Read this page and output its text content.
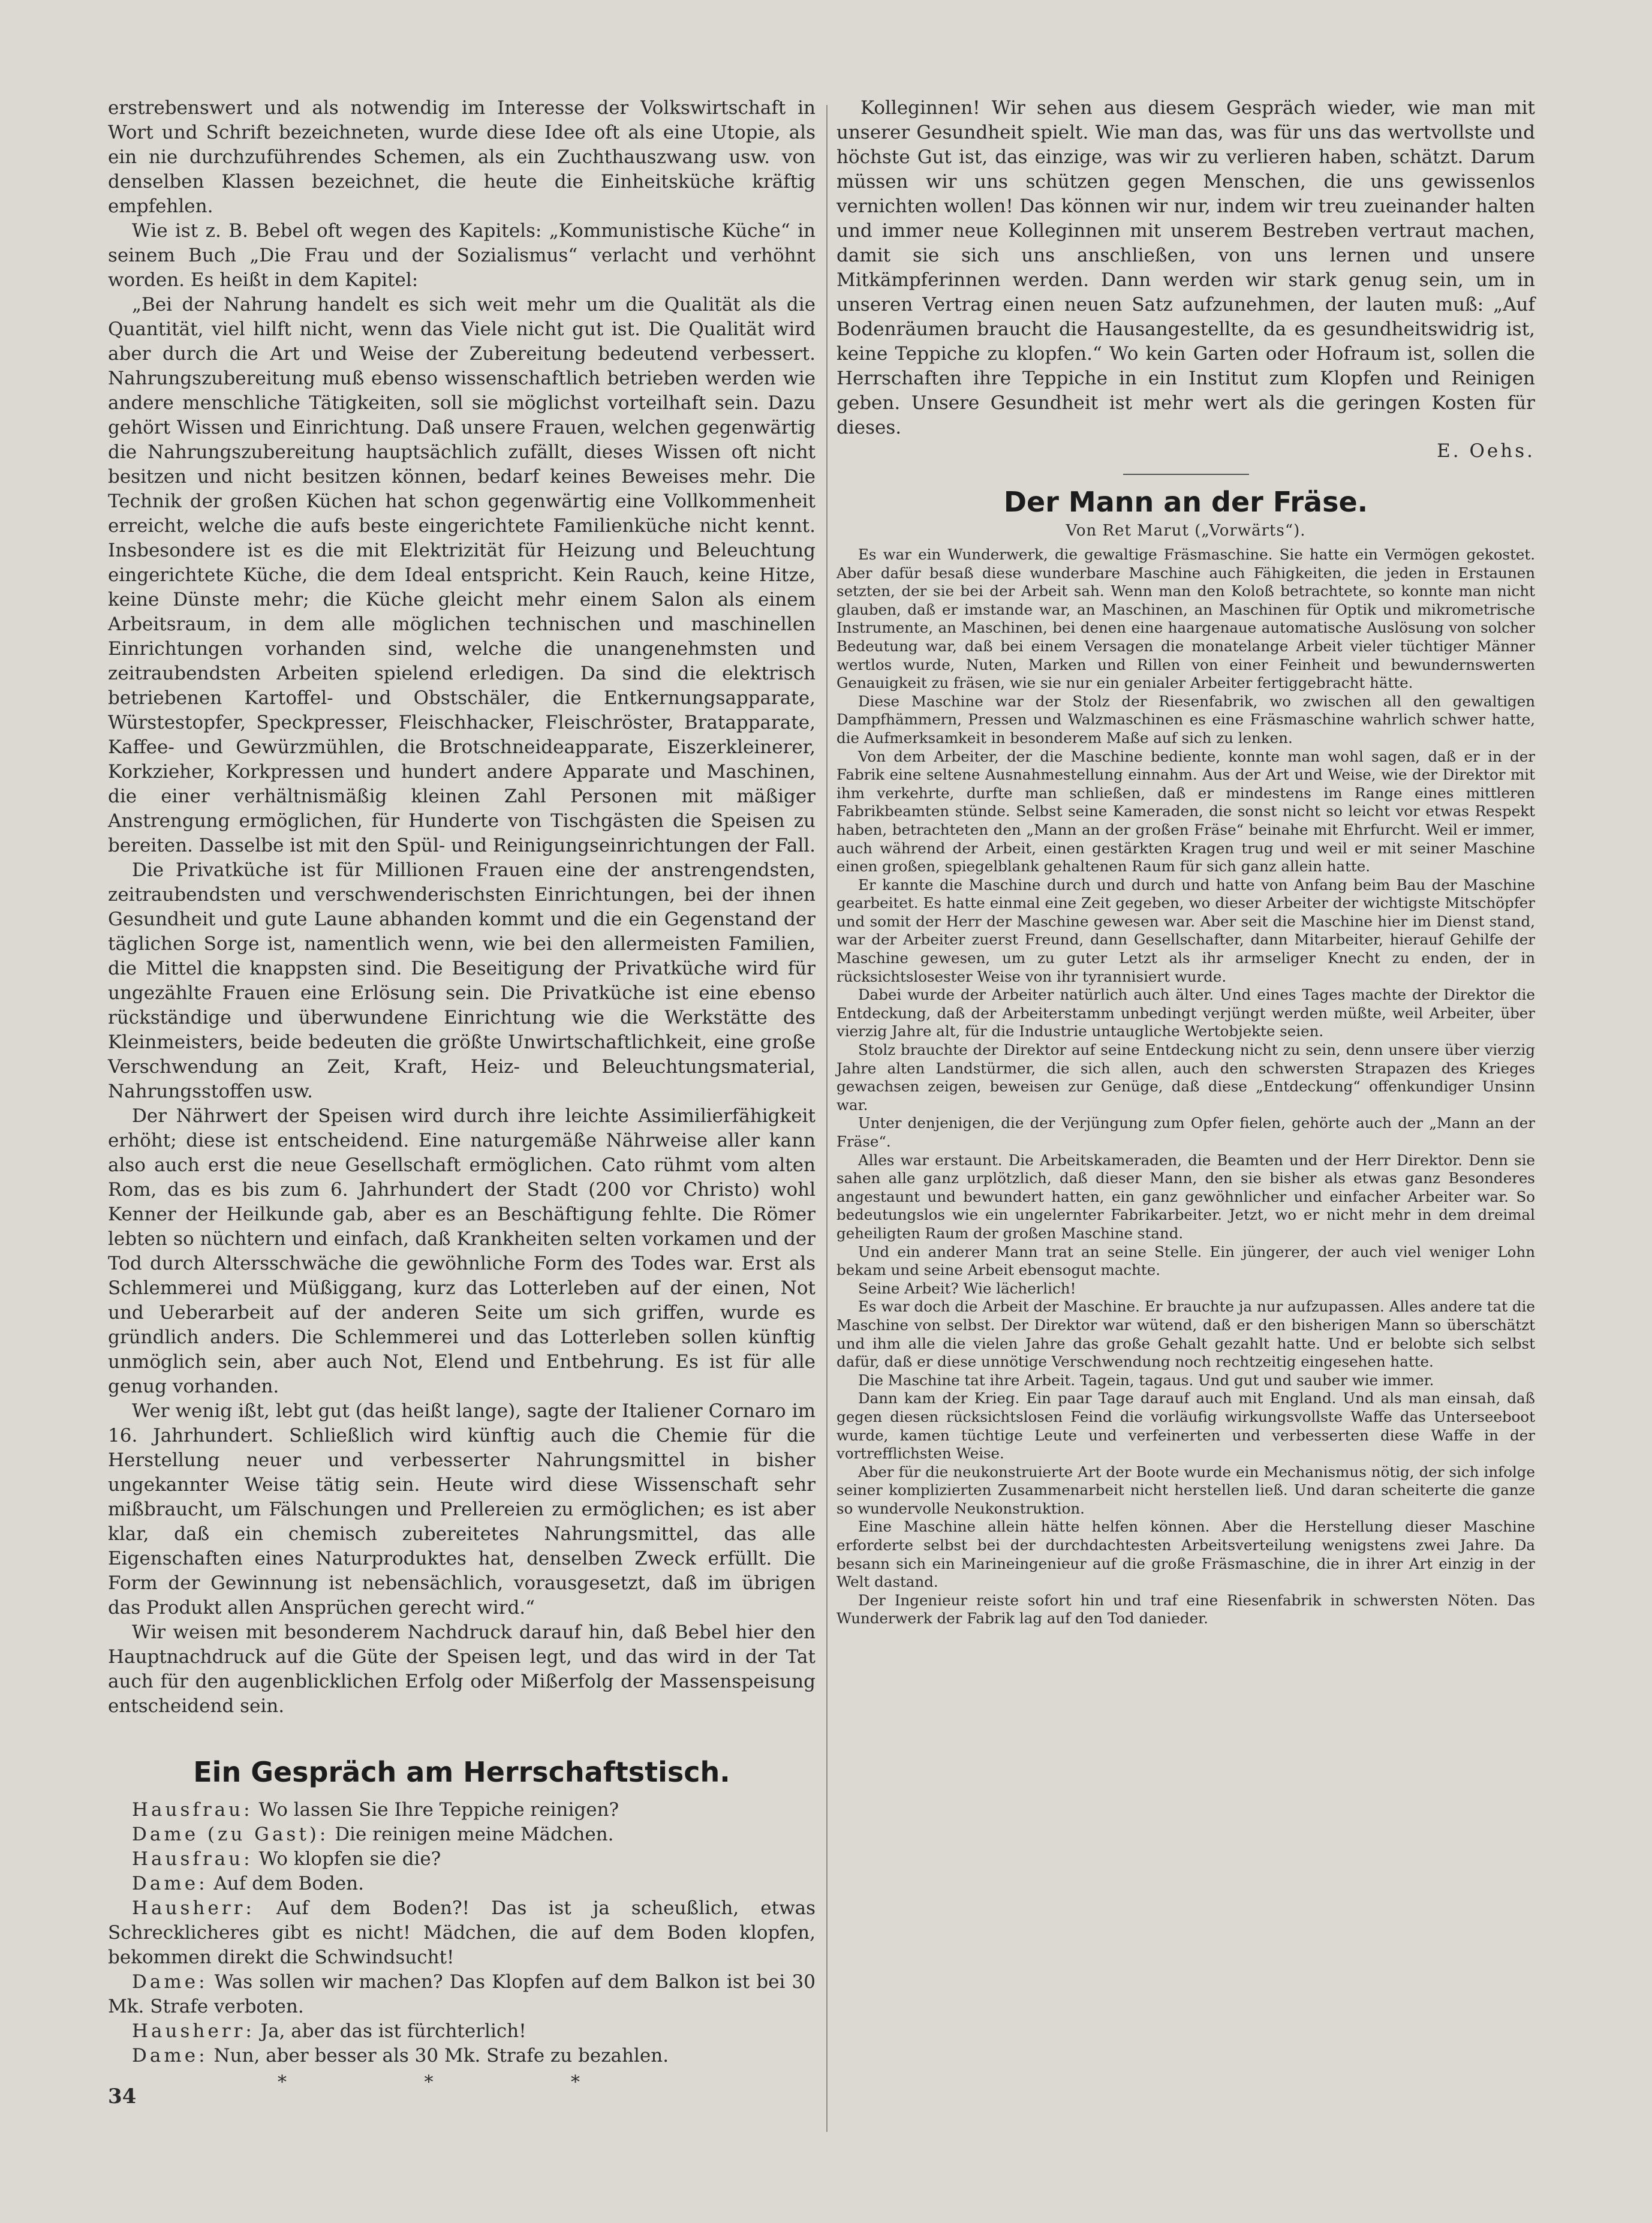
erstrebenswert und als notwendig im Interesse der Volkswirtschaft in Wort und Schrift bezeichneten, wurde diese Idee oft als eine Utopie, als ein nie durchzuführendes Schemen, als ein Zuchthauszwang usw. von denselben Klassen bezeichnet, die heute die Einheitsküche kräftig empfehlen.

Wie ist z. B. Bebel oft wegen des Kapitels: „Kommunistische Küche“ in seinem Buch „Die Frau und der Sozialismus“ verlacht und verhöhnt worden. Es heißt in dem Kapitel:

„Bei der Nahrung handelt es sich weit mehr um die Qualität als die Quantität, viel hilft nicht, wenn das Viele nicht gut ist. Die Qualität wird aber durch die Art und Weise der Zubereitung bedeutend verbessert. Nahrungszubereitung muß ebenso wissenschaftlich betrieben werden wie andere menschliche Tätigkeiten, soll sie möglichst vorteilhaft sein. Dazu gehört Wissen und Einrichtung. Daß unsere Frauen, welchen gegenwärtig die Nahrungszubereitung hauptsächlich zufällt, dieses Wissen oft nicht besitzen und nicht besitzen können, bedarf keines Beweises mehr. Die Technik der großen Küchen hat schon gegenwärtig eine Vollkommenheit erreicht, welche die aufs beste eingerichtete Familienküche nicht kennt. Insbesondere ist es die mit Elektrizität für Heizung und Beleuchtung eingerichtete Küche, die dem Ideal entspricht. Kein Rauch, keine Hitze, keine Dünste mehr; die Küche gleicht mehr einem Salon als einem Arbeitsraum, in dem alle möglichen technischen und maschinellen Einrichtungen vorhanden sind, welche die unangenehmsten und zeitraubendsten Arbeiten spielend erledigen. Da sind die elektrisch betriebenen Kartoffel- und Obstschäler, die Entkernungsapparate, Würstestopfer, Speckpresser, Fleischhacker, Fleischröster, Bratapparate, Kaffee- und Gewürzmühlen, die Brotschneideapparate, Eiszerkleinerer, Korkzieher, Korkpressen und hundert andere Apparate und Maschinen, die einer verhältnismäßig kleinen Zahl Personen mit mäßiger Anstrengung ermöglichen, für Hunderte von Tischgästen die Speisen zu bereiten. Dasselbe ist mit den Spül- und Reinigungseinrichtungen der Fall.

Die Privatküche ist für Millionen Frauen eine der anstrengendsten, zeitraubendsten und verschwenderischsten Einrichtungen, bei der ihnen Gesundheit und gute Laune abhanden kommt und die ein Gegenstand der täglichen Sorge ist, namentlich wenn, wie bei den allermeisten Familien, die Mittel die knappsten sind. Die Beseitigung der Privatküche wird für ungezählte Frauen eine Erlösung sein. Die Privatküche ist eine ebenso rückständige und überwundene Einrichtung wie die Werkstätte des Kleinmeisters, beide bedeuten die größte Unwirtschaftlichkeit, eine große Verschwendung an Zeit, Kraft, Heiz- und Beleuchtungsmaterial, Nahrungsstoffen usw.

Der Nährwert der Speisen wird durch ihre leichte Assimilierfähigkeit erhöht; diese ist entscheidend. Eine naturgemäße Nährweise aller kann also auch erst die neue Gesellschaft ermöglichen. Cato rühmt vom alten Rom, das es bis zum 6. Jahrhundert der Stadt (200 vor Christo) wohl Kenner der Heilkunde gab, aber es an Beschäftigung fehlte. Die Römer lebten so nüchtern und einfach, daß Krankheiten selten vorkamen und der Tod durch Altersschwäche die gewöhnliche Form des Todes war. Erst als Schlemmerei und Müßiggang, kurz das Lotterleben auf der einen, Not und Ueberarbeit auf der anderen Seite um sich griffen, wurde es gründlich anders. Die Schlemmerei und das Lotterleben sollen künftig unmöglich sein, aber auch Not, Elend und Entbehrung. Es ist für alle genug vorhanden.

Wer wenig ißt, lebt gut (das heißt lange), sagte der Italiener Cornaro im 16. Jahrhundert. Schließlich wird künftig auch die Chemie für die Herstellung neuer und verbesserter Nahrungsmittel in bisher ungekannter Weise tätig sein. Heute wird diese Wissenschaft sehr mißbraucht, um Fälschungen und Prellereien zu ermöglichen; es ist aber klar, daß ein chemisch zubereitetes Nahrungsmittel, das alle Eigenschaften eines Naturproduktes hat, denselben Zweck erfüllt. Die Form der Gewinnung ist nebensächlich, vorausgesetzt, daß im übrigen das Produkt allen Ansprüchen gerecht wird.“

Wir weisen mit besonderem Nachdruck darauf hin, daß Bebel hier den Hauptnachdruck auf die Güte der Speisen legt, und das wird in der Tat auch für den augenblicklichen Erfolg oder Mißerfolg der Massenspeisung entscheidend sein.

Ein Gespräch am Herrschaftstisch.

Hausfrau: Wo lassen Sie Ihre Teppiche reinigen?

Dame (zu Gast): Die reinigen meine Mädchen.

Hausfrau: Wo klopfen sie die?

Dame: Auf dem Boden.

Hausherr: Auf dem Boden?! Das ist ja scheußlich, etwas Schrecklicheres gibt es nicht! Mädchen, die auf dem Boden klopfen, bekommen direkt die Schwindsucht!

Dame: Was sollen wir machen? Das Klopfen auf dem Balkon ist bei 30 Mk. Strafe verboten.

Hausherr: Ja, aber das ist fürchterlich!

Dame: Nun, aber besser als 30 Mk. Strafe zu bezahlen.

* * *

Kolleginnen! Wir sehen aus diesem Gespräch wieder, wie man mit unserer Gesundheit spielt. Wie man das, was für uns das wertvollste und höchste Gut ist, das einzige, was wir zu verlieren haben, schätzt. Darum müssen wir uns schützen gegen Menschen, die uns gewissenlos vernichten wollen! Das können wir nur, indem wir treu zueinander halten und immer neue Kolleginnen mit unserem Bestreben vertraut machen, damit sie sich uns anschließen, von uns lernen und unsere Mitkämpferinnen werden. Dann werden wir stark genug sein, um in unseren Vertrag einen neuen Satz aufzunehmen, der lauten muß: „Auf Bodenräumen braucht die Hausangestellte, da es gesundheitswidrig ist, keine Teppiche zu klopfen.“ Wo kein Garten oder Hofraum ist, sollen die Herrschaften ihre Teppiche in ein Institut zum Klopfen und Reinigen geben. Unsere Gesundheit ist mehr wert als die geringen Kosten für dieses.

E. Oehs.

Der Mann an der Fräse.
Von Ret Marut („Vorwärts“).

Es war ein Wunderwerk, die gewaltige Fräsmaschine. Sie hatte ein Vermögen gekostet. Aber dafür besaß diese wunderbare Maschine auch Fähigkeiten, die jeden in Erstaunen setzten, der sie bei der Arbeit sah. Wenn man den Koloß betrachtete, so konnte man nicht glauben, daß er imstande war, an Maschinen, an Maschinen für Optik und mikrometrische Instrumente, an Maschinen, bei denen eine haargenaue automatische Auslösung von solcher Bedeutung war, daß bei einem Versagen die monatelange Arbeit vieler tüchtiger Männer wertlos wurde, Nuten, Marken und Rillen von einer Feinheit und bewundernswerten Genauigkeit zu fräsen, wie sie nur ein genialer Arbeiter fertiggebracht hätte.

Diese Maschine war der Stolz der Riesenfabrik, wo zwischen all den gewaltigen Dampfhämmern, Pressen und Walzmaschinen es eine Fräsmaschine wahrlich schwer hatte, die Aufmerksamkeit in besonderem Maße auf sich zu lenken.

Von dem Arbeiter, der die Maschine bediente, konnte man wohl sagen, daß er in der Fabrik eine seltene Ausnahmestellung einnahm. Aus der Art und Weise, wie der Direktor mit ihm verkehrte, durfte man schließen, daß er mindestens im Range eines mittleren Fabrikbeamten stünde. Selbst seine Kameraden, die sonst nicht so leicht vor etwas Respekt haben, betrachteten den „Mann an der großen Fräse“ beinahe mit Ehrfurcht. Weil er immer, auch während der Arbeit, einen gestärkten Kragen trug und weil er mit seiner Maschine einen großen, spiegelblank gehaltenen Raum für sich ganz allein hatte.

Er kannte die Maschine durch und durch und hatte von Anfang beim Bau der Maschine gearbeitet. Es hatte einmal eine Zeit gegeben, wo dieser Arbeiter der wichtigste Mitschöpfer und somit der Herr der Maschine gewesen war. Aber seit die Maschine hier im Dienst stand, war der Arbeiter zuerst Freund, dann Gesellschafter, dann Mitarbeiter, hierauf Gehilfe der Maschine gewesen, um zu guter Letzt als ihr armseliger Knecht zu enden, der in rücksichtslosester Weise von ihr tyrannisiert wurde.

Dabei wurde der Arbeiter natürlich auch älter. Und eines Tages machte der Direktor die Entdeckung, daß der Arbeiterstamm unbedingt verjüngt werden müßte, weil Arbeiter, über vierzig Jahre alt, für die Industrie untaugliche Wertobjekte seien.

Stolz brauchte der Direktor auf seine Entdeckung nicht zu sein, denn unsere über vierzig Jahre alten Landstürmer, die sich allen, auch den schwersten Strapazen des Krieges gewachsen zeigen, beweisen zur Genüge, daß diese „Entdeckung“ offenkundiger Unsinn war.

Unter denjenigen, die der Verjüngung zum Opfer fielen, gehörte auch der „Mann an der Fräse“.

Alles war erstaunt. Die Arbeitskameraden, die Beamten und der Herr Direktor. Denn sie sahen alle ganz urplötzlich, daß dieser Mann, den sie bisher als etwas ganz Besonderes angestaunt und bewundert hatten, ein ganz gewöhnlicher und einfacher Arbeiter war. So bedeutungslos wie ein ungelernter Fabrikarbeiter. Jetzt, wo er nicht mehr in dem dreimal geheiligten Raum der großen Maschine stand.

Und ein anderer Mann trat an seine Stelle. Ein jüngerer, der auch viel weniger Lohn bekam und seine Arbeit ebensogut machte.

Seine Arbeit? Wie lächerlich!

Es war doch die Arbeit der Maschine. Er brauchte ja nur aufzupassen. Alles andere tat die Maschine von selbst. Der Direktor war wütend, daß er den bisherigen Mann so überschätzt und ihm alle die vielen Jahre das große Gehalt gezahlt hatte. Und er belobte sich selbst dafür, daß er diese unnötige Verschwendung noch rechtzeitig eingesehen hatte.

Die Maschine tat ihre Arbeit. Tagein, tagaus. Und gut und sauber wie immer.

Dann kam der Krieg. Ein paar Tage darauf auch mit England. Und als man einsah, daß gegen diesen rücksichtslosen Feind die vorläufig wirkungsvollste Waffe das Unterseeboot wurde, kamen tüchtige Leute und verfeinerten und verbesserten diese Waffe in der vortrefflichsten Weise.

Aber für die neukonstruierte Art der Boote wurde ein Mechanismus nötig, der sich infolge seiner komplizierten Zusammenarbeit nicht herstellen ließ. Und daran scheiterte die ganze so wundervolle Neukonstruktion.

Eine Maschine allein hätte helfen können. Aber die Herstellung dieser Maschine erforderte selbst bei der durchdachtesten Arbeitsverteilung wenigstens zwei Jahre. Da besann sich ein Marineingenieur auf die große Fräsmaschine, die in ihrer Art einzig in der Welt dastand.

Der Ingenieur reiste sofort hin und traf eine Riesenfabrik in schwersten Nöten. Das Wunderwerk der Fabrik lag auf den Tod danieder.

34
